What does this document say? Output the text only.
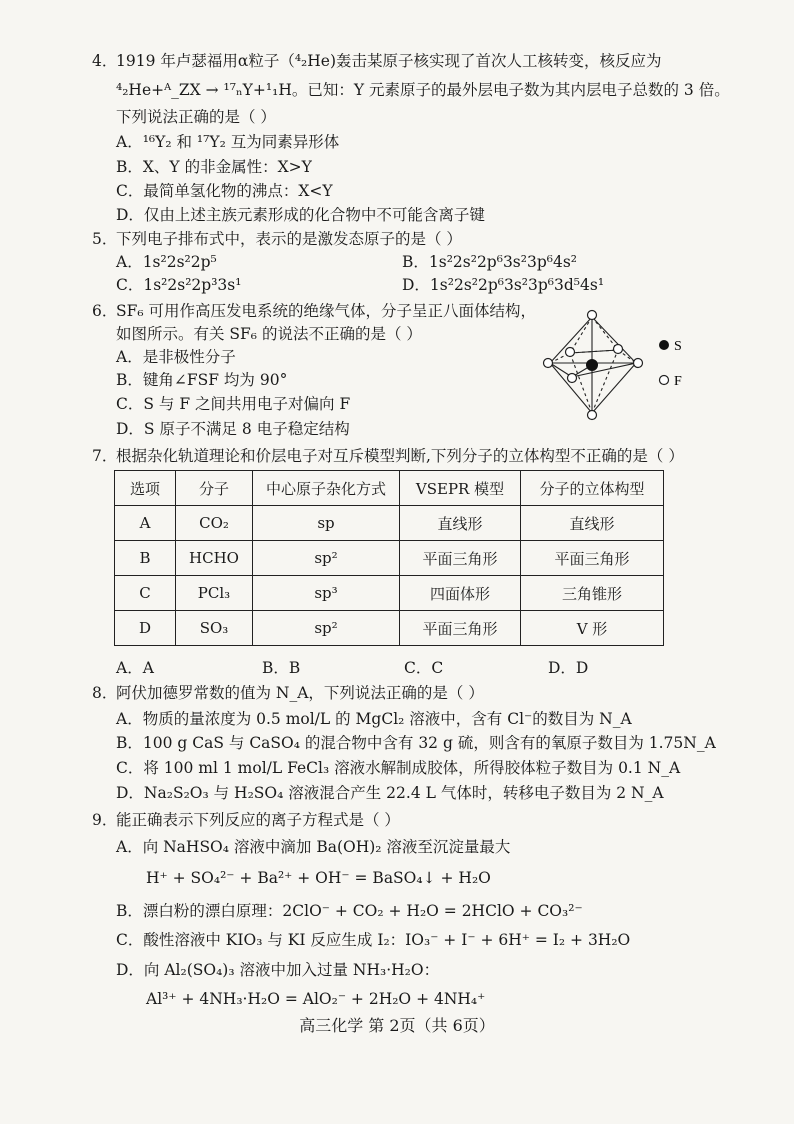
4．1919 年卢瑟福用α粒子（⁴₂He)轰击某原子核实现了首次人工核转变，核反应为
⁴₂He+ᴬ_ZX → ¹⁷ₙY+¹₁H。已知：Y 元素原子的最外层电子数为其内层电子总数的 3 倍。
下列说法正确的是（ ）
A．¹⁶Y₂ 和 ¹⁷Y₂ 互为同素异形体
B．X、Y 的非金属性：X>Y
C．最简单氢化物的沸点：X<Y
D．仅由上述主族元素形成的化合物中不可能含离子键
5．下列电子排布式中，表示的是激发态原子的是（ ）
A．1s²2s²2p⁵	B．1s²2s²2p⁶3s²3p⁶4s²
C．1s²2s²2p³3s¹	D．1s²2s²2p⁶3s²3p⁶3d⁵4s¹
6．SF₆ 可用作高压发电系统的绝缘气体，分子呈正八面体结构，
如图所示。有关 SF₆ 的说法不正确的是（ ）
A．是非极性分子
B．键角∠FSF 均为 90°
C．S 与 F 之间共用电子对偏向 F
D．S 原子不满足 8 电子稳定结构
S
F
7．根据杂化轨道理论和价层电子对互斥模型判断,下列分子的立体构型不正确的是（ ）
选项	分子	中心原子杂化方式	VSEPR 模型	分子的立体构型
A	CO₂	sp	直线形	直线形
B	HCHO	sp²	平面三角形	平面三角形
C	PCl₃	sp³	四面体形	三角锥形
D	SO₃	sp²	平面三角形	V 形
A．A	B．B	C．C	D．D
8．阿伏加德罗常数的值为 N_A，下列说法正确的是（ ）
A．物质的量浓度为 0.5 mol/L 的 MgCl₂ 溶液中，含有 Cl⁻的数目为 N_A
B．100 g CaS 与 CaSO₄ 的混合物中含有 32 g 硫，则含有的氧原子数目为 1.75N_A
C．将 100 ml 1 mol/L FeCl₃ 溶液水解制成胶体，所得胶体粒子数目为 0.1 N_A
D．Na₂S₂O₃ 与 H₂SO₄ 溶液混合产生 22.4 L 气体时，转移电子数目为 2 N_A
9．能正确表示下列反应的离子方程式是（ ）
A．向 NaHSO₄ 溶液中滴加 Ba(OH)₂ 溶液至沉淀量最大
H⁺ + SO₄²⁻ + Ba²⁺ + OH⁻ = BaSO₄↓ + H₂O
B．漂白粉的漂白原理：2ClO⁻ + CO₂ + H₂O = 2HClO + CO₃²⁻
C．酸性溶液中 KIO₃ 与 KI 反应生成 I₂：IO₃⁻ + I⁻ + 6H⁺ = I₂ + 3H₂O
D．向 Al₂(SO₄)₃ 溶液中加入过量 NH₃·H₂O：
Al³⁺ + 4NH₃·H₂O = AlO₂⁻ + 2H₂O + 4NH₄⁺
高三化学 第 2页（共 6页）
